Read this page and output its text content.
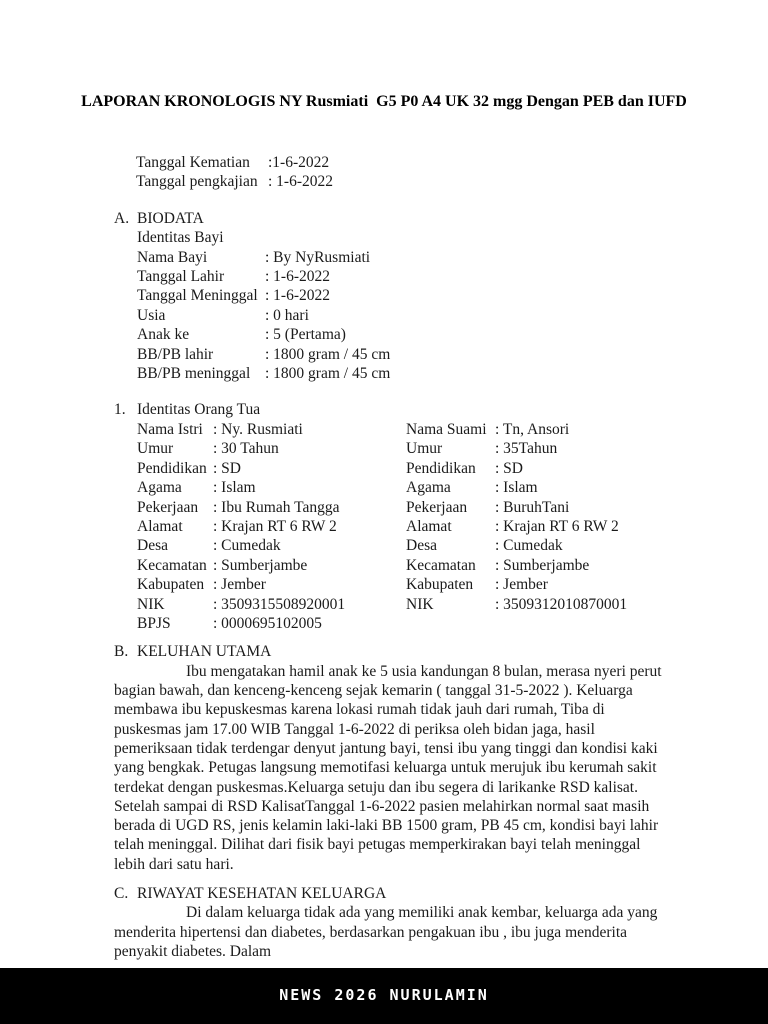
LAPORAN KRONOLOGIS NY Rusmiati  G5 P0 A4 UK 32 mgg Dengan PEB dan IUFD
Tanggal Kematian	:1-6-2022
Tanggal pengkajian : 1-6-2022
A. BIODATA
Identitas Bayi
Nama Bayi	: By NyRusmiati
Tanggal Lahir	: 1-6-2022
Tanggal Meninggal : 1-6-2022
Usia	: 0 hari
Anak ke	: 5 (Pertama)
BB/PB lahir	: 1800 gram / 45 cm
BB/PB meninggal : 1800 gram / 45 cm
1. Identitas Orang Tua
Nama Istri : Ny. Rusmiati
Umur	: 30 Tahun
Pendidikan : SD
Agama	: Islam
Pekerjaan : Ibu Rumah Tangga
Alamat	: Krajan RT 6 RW 2
Desa	: Cumedak
Kecamatan : Sumberjambe
Kabupaten : Jember
NIK	: 3509315508920001
BPJS	: 0000695102005
Nama Suami : Tn, Ansori
Umur	: 35Tahun
Pendidikan	: SD
Agama	: Islam
Pekerjaan	: BuruhTani
Alamat	: Krajan RT 6 RW 2
Desa	: Cumedak
Kecamatan	: Sumberjambe
Kabupaten	: Jember
NIK	: 3509312010870001
B. KELUHAN UTAMA

Ibu mengatakan hamil anak ke 5 usia kandungan 8 bulan, merasa nyeri perut bagian bawah, dan kenceng-kenceng sejak kemarin ( tanggal 31-5-2022 ). Keluarga membawa ibu kepuskesmas karena lokasi rumah tidak jauh dari rumah, Tiba di puskesmas jam 17.00 WIB Tanggal 1-6-2022 di periksa oleh bidan jaga, hasil pemeriksaan tidak terdengar denyut jantung bayi, tensi ibu yang tinggi dan kondisi kaki yang bengkak. Petugas langsung memotifasi keluarga untuk merujuk ibu kerumah sakit terdekat dengan puskesmas.Keluarga setuju dan ibu segera di larikanke RSD kalisat. Setelah sampai di RSD KalisatTanggal 1-6-2022 pasien melahirkan normal saat masih berada di UGD RS, jenis kelamin laki-laki BB 1500 gram, PB 45 cm, kondisi bayi lahir telah meninggal. Dilihat dari fisik bayi petugas memperkirakan bayi telah meninggal lebih dari satu hari.

C. RIWAYAT KESEHATAN KELUARGA

Di dalam keluarga tidak ada yang memiliki anak kembar, keluarga ada yang menderita hipertensi dan diabetes, berdasarkan pengakuan ibu , ibu juga menderita penyakit diabetes. Dalam

NEWS 2026 NURULAMIN
